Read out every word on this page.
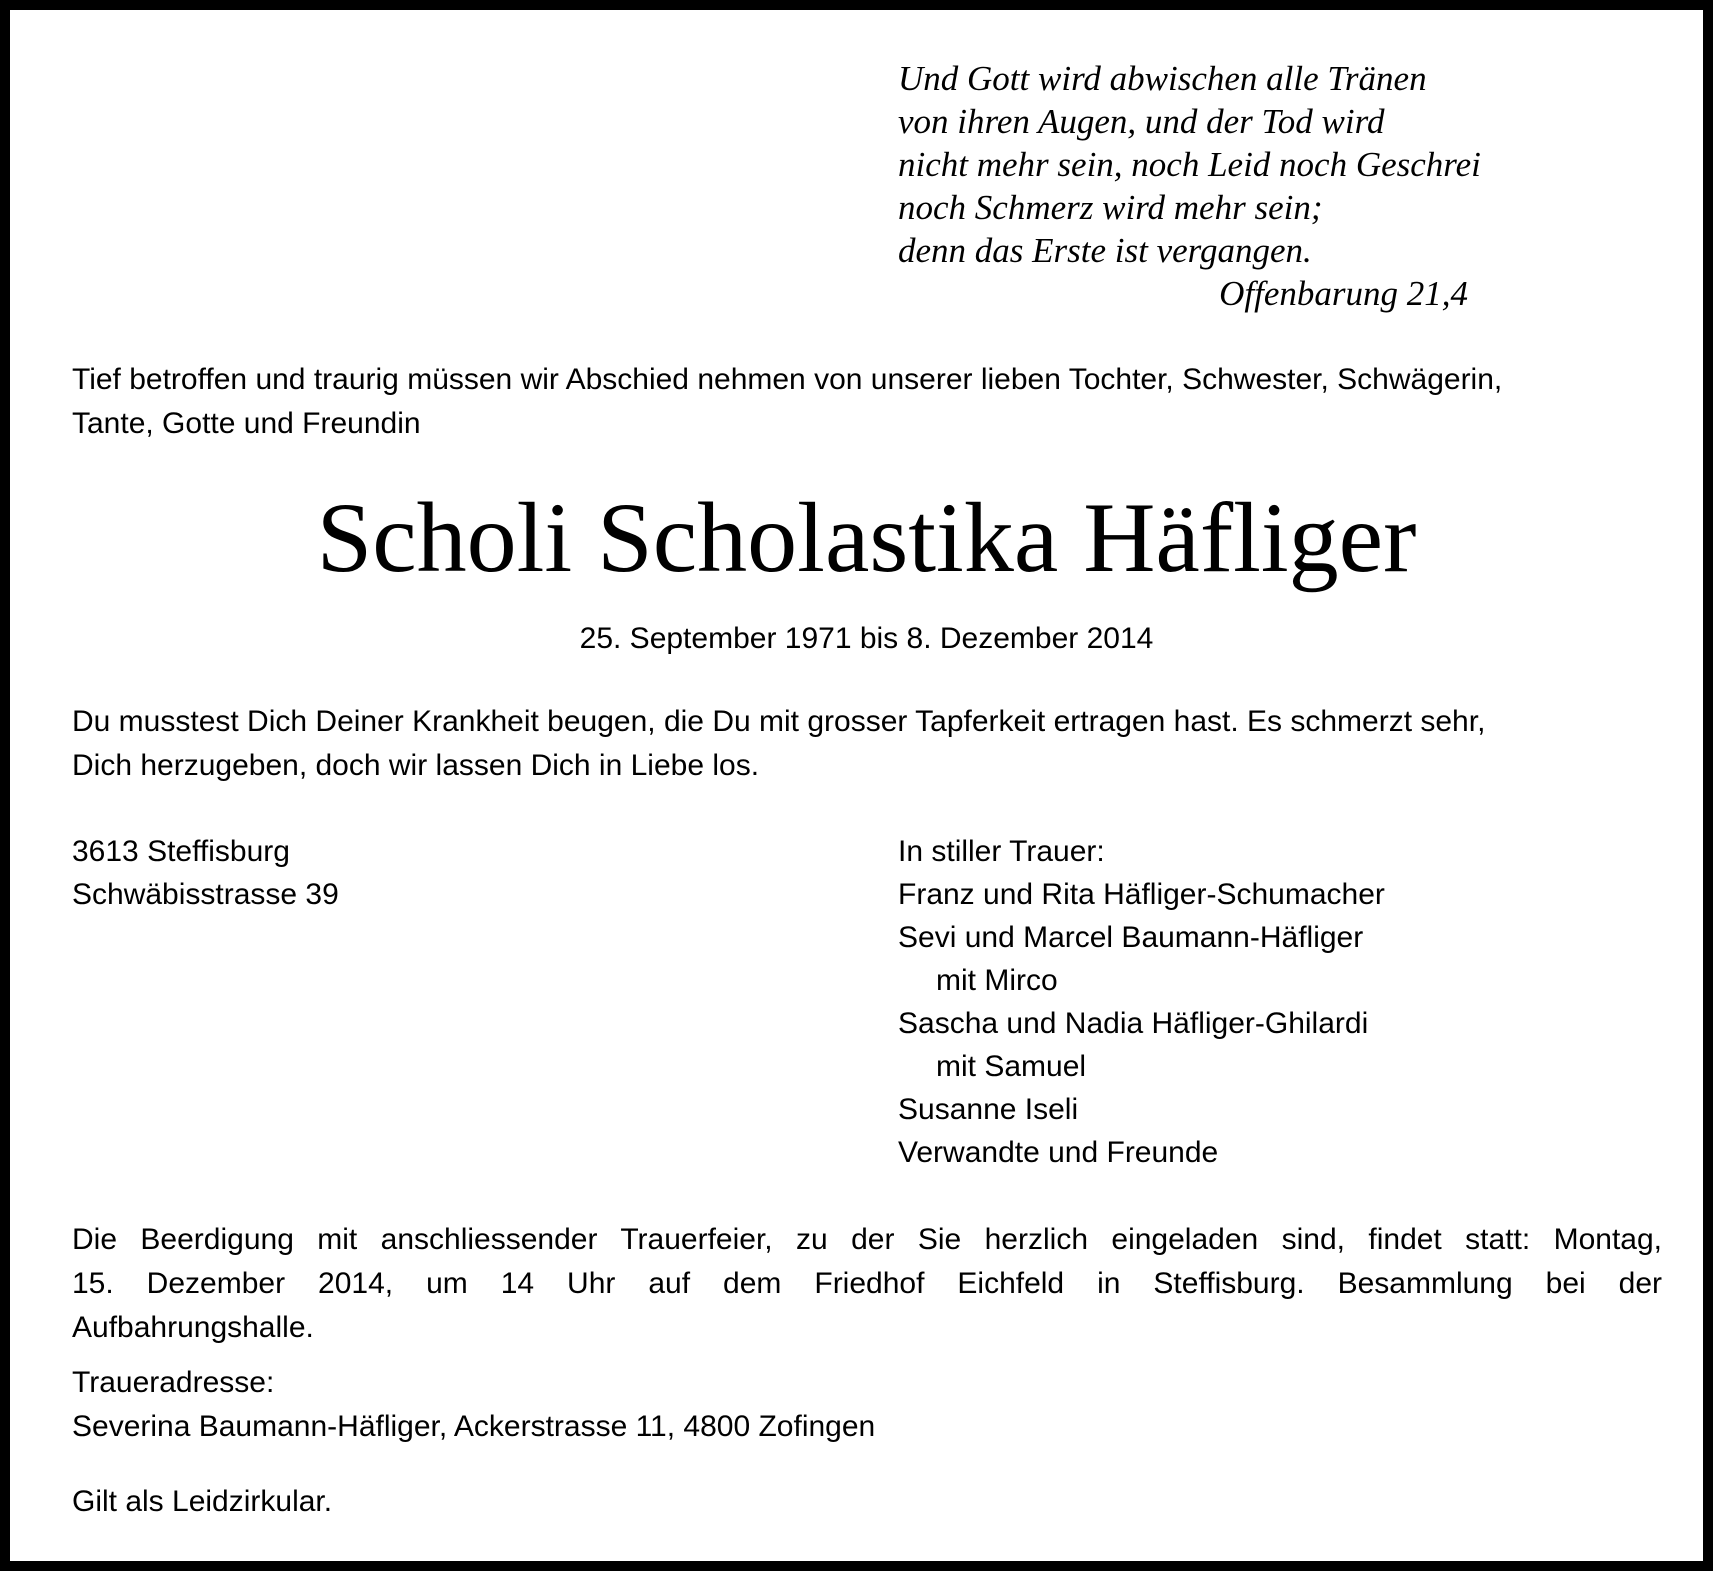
Und Gott wird abwischen alle Tränen
von ihren Augen, und der Tod wird
nicht mehr sein, noch Leid noch Geschrei
noch Schmerz wird mehr sein;
denn das Erste ist vergangen.
Offenbarung 21,4
Tief betroffen und traurig müssen wir Abschied nehmen von unserer lieben Tochter, Schwester, Schwägerin,
Tante, Gotte und Freundin
Scholi Scholastika Häfliger
25. September 1971 bis 8. Dezember 2014
Du musstest Dich Deiner Krankheit beugen, die Du mit grosser Tapferkeit ertragen hast. Es schmerzt sehr,
Dich herzugeben, doch wir lassen Dich in Liebe los.
3613 Steffisburg
Schwäbisstrasse 39
In stiller Trauer:
Franz und Rita Häfliger-Schumacher
Sevi und Marcel Baumann-Häfliger
mit Mirco
Sascha und Nadia Häfliger-Ghilardi
mit Samuel
Susanne Iseli
Verwandte und Freunde
Die Beerdigung mit anschliessender Trauerfeier, zu der Sie herzlich eingeladen sind, findet statt: Montag,
15. Dezember 2014, um 14 Uhr auf dem Friedhof Eichfeld in Steffisburg. Besammlung bei der
Aufbahrungshalle.
Traueradresse:
Severina Baumann-Häfliger, Ackerstrasse 11, 4800 Zofingen
Gilt als Leidzirkular.
